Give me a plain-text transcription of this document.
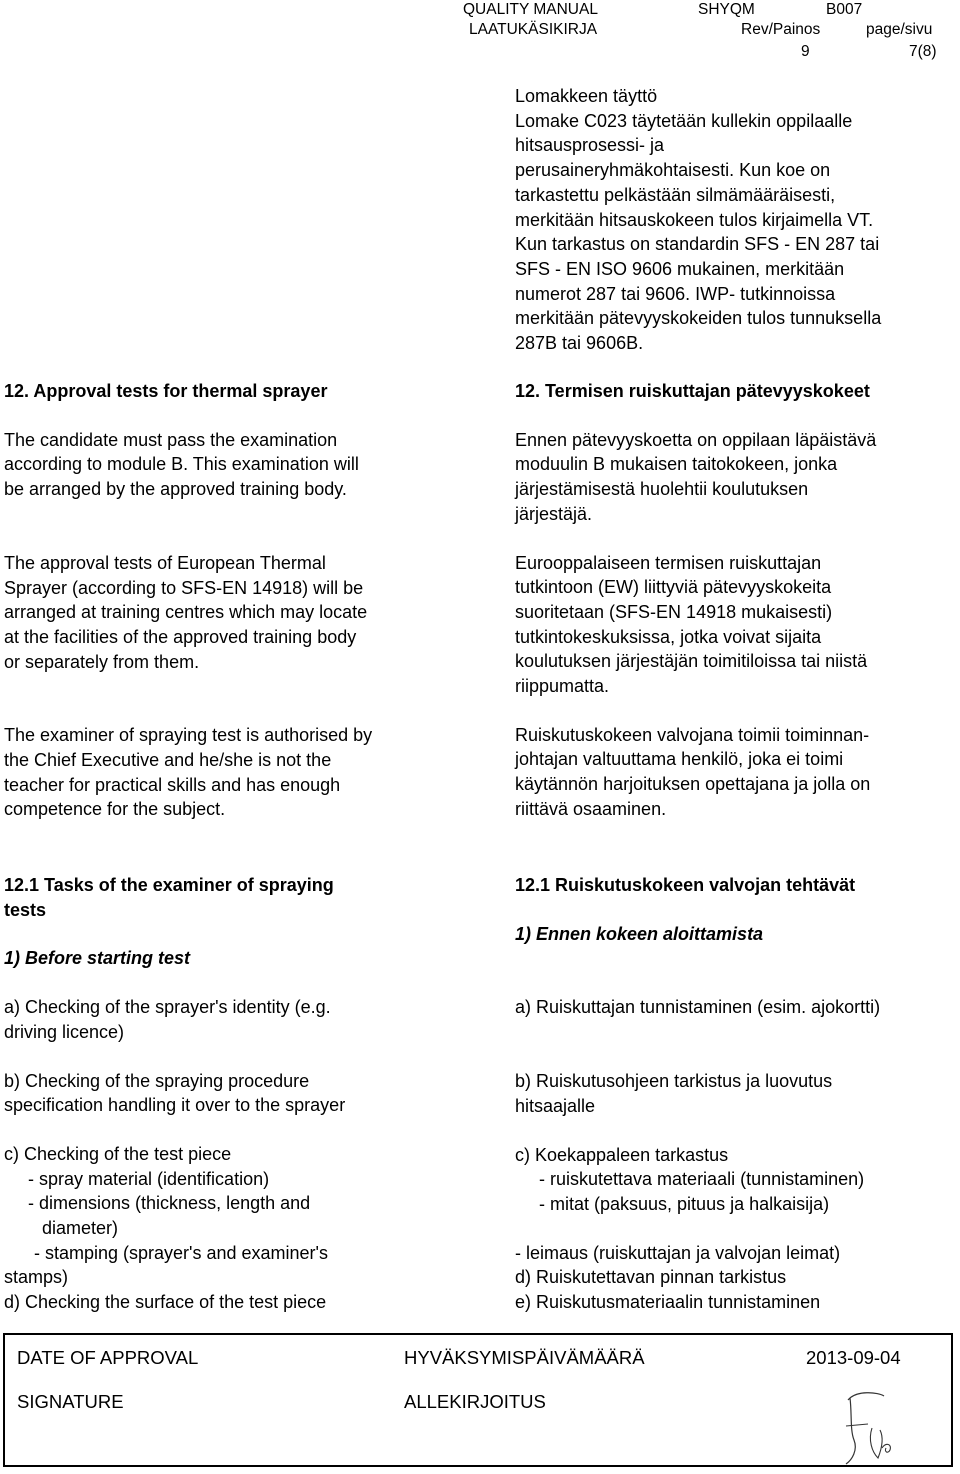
QUALITY MANUAL
LAATUKÄSIKIRJA
SHYQM	B007
Rev/Painos	page/sivu
9	7(8)

Lomakkeen täyttö

Lomake C023 täytetään kullekin oppilaalle

hitsausprosessi- ja

perusaineryhmäkohtaisesti. Kun koe on

tarkastettu pelkästään silmämääräisesti,

merkitään hitsauskokeen tulos kirjaimella VT.

Kun tarkastus on standardin SFS - EN 287 tai

SFS - EN ISO 9606 mukainen, merkitään

numerot 287 tai 9606. IWP- tutkinnoissa

merkitään pätevyyskokeiden tulos tunnuksella

287B tai 9606B.

12. Approval tests for thermal sprayer

The candidate must pass the examination

according to module B. This examination will

be arranged by the approved training body.

The approval tests of European Thermal

Sprayer (according to SFS-EN 14918) will be

arranged at training centres which may locate

at the facilities of the approved training body

or separately from them.

The examiner of spraying test is authorised by

the Chief Executive and he/she is not the

teacher for practical skills and has enough

competence for the subject.

12. Termisen ruiskuttajan pätevyyskokeet

Ennen pätevyyskoetta on oppilaan läpäistävä

moduulin B mukaisen taitokokeen, jonka

järjestämisestä huolehtii koulutuksen

järjestäjä.

Eurooppalaiseen termisen ruiskuttajan

tutkintoon (EW) liittyviä pätevyyskokeita

suoritetaan (SFS-EN 14918 mukaisesti)

tutkintokeskuksissa, jotka voivat sijaita

koulutuksen järjestäjän toimitiloissa tai niistä

riippumatta.

Ruiskutuskokeen valvojana toimii toiminnan-

johtajan valtuuttama henkilö, joka ei toimi

käytännön harjoituksen opettajana ja jolla on

riittävä osaaminen.

12.1 Tasks of the examiner of spraying

tests

1) Before starting test

a) Checking of the sprayer's identity (e.g.

driving licence)

b) Checking of the spraying procedure

specification handling it over to the sprayer

c) Checking of the test piece

- spray material (identification)

- dimensions (thickness, length and

diameter)

- stamping (sprayer's and examiner's

stamps)

d) Checking the surface of the test piece

12.1 Ruiskutuskokeen valvojan tehtävät

1) Ennen kokeen aloittamista

a) Ruiskuttajan tunnistaminen (esim. ajokortti)

b) Ruiskutusohjeen tarkistus ja luovutus

hitsaajalle

c) Koekappaleen tarkastus

- ruiskutettava materiaali (tunnistaminen)

- mitat (paksuus, pituus ja halkaisija)

- leimaus (ruiskuttajan ja valvojan leimat)

d) Ruiskutettavan pinnan tarkistus

e) Ruiskutusmateriaalin tunnistaminen

DATE OF APPROVAL	HYVÄKSYMISPÄIVÄMÄÄRÄ	2013-09-04
SIGNATURE	ALLEKIRJOITUS	
